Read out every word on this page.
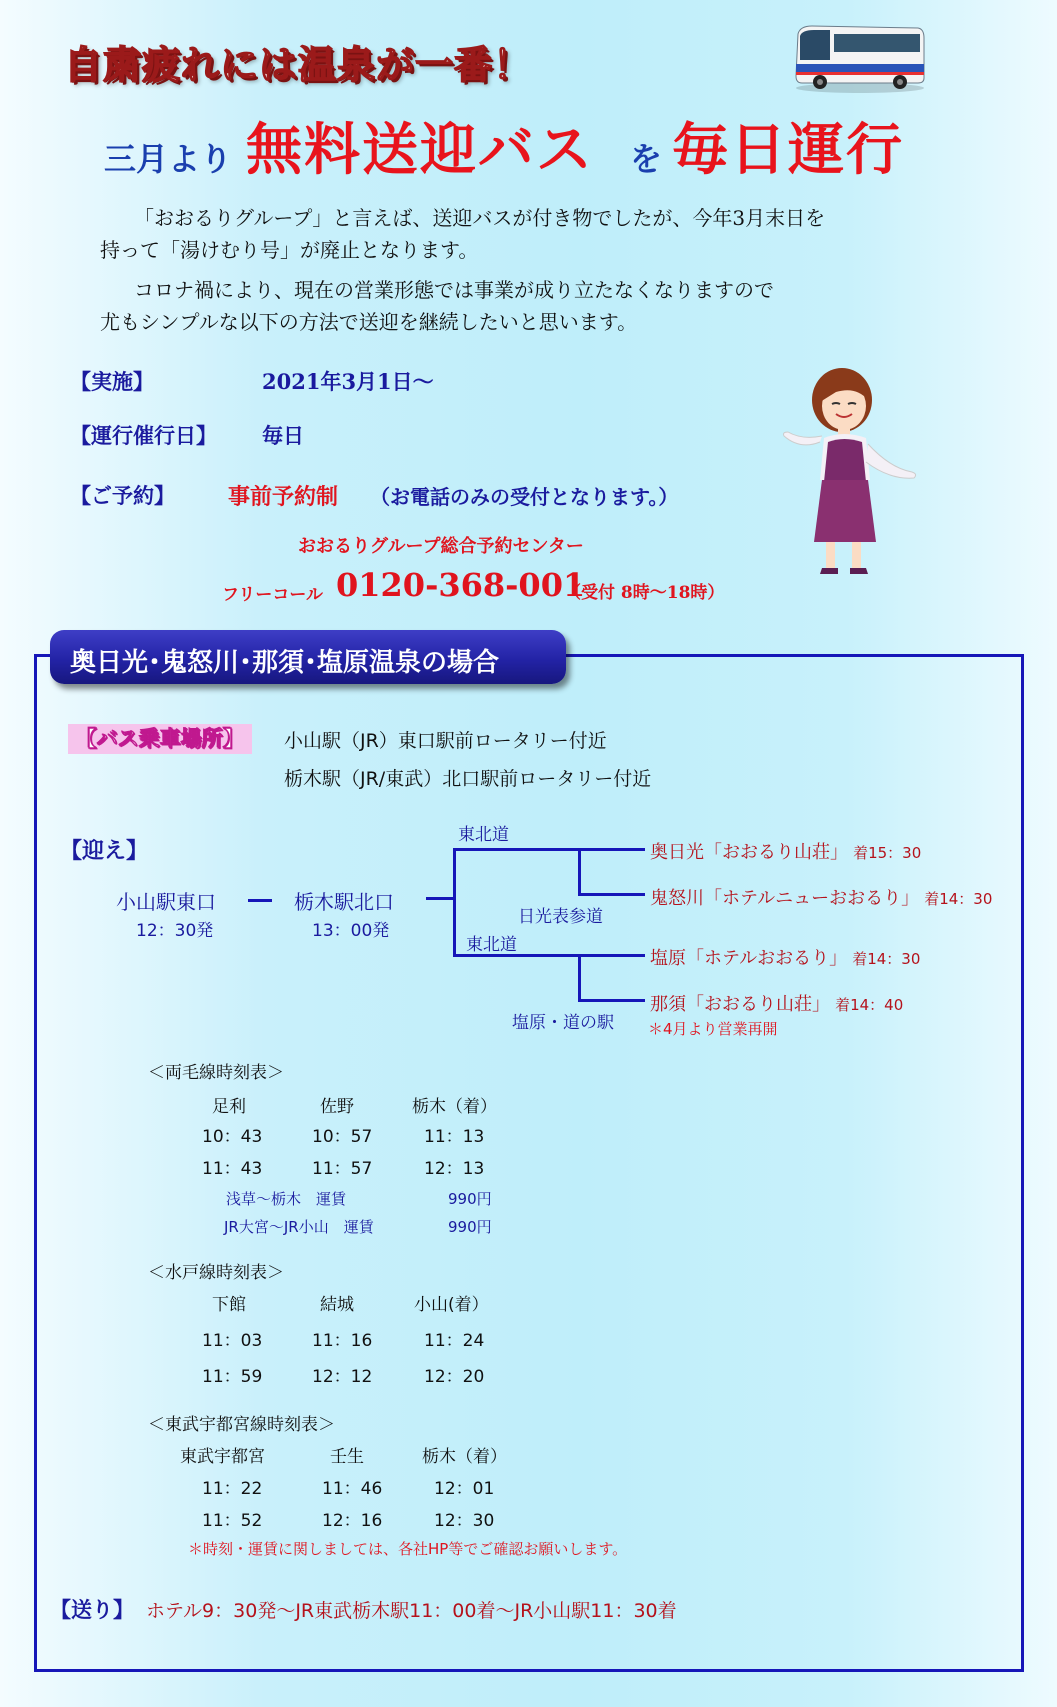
自粛疲れには温泉が一番！
三月より 無料送迎バス を 毎日運行
「おおるりグループ」と言えば、送迎バスが付き物でしたが、今年3月末日を
持って「湯けむり号」が廃止となります。
コロナ禍により、現在の営業形態では事業が成り立たなくなりますので
尤もシンプルな以下の方法で送迎を継続したいと思います。
【実施】	2021年3月1日～
【運行催行日】 毎日
【ご予約】 事前予約制 （お電話のみの受付となります。）
おおるりグループ総合予約センター
フリーコール 0120-368-001
（受付 8時～18時）
奥日光･鬼怒川･那須･塩原温泉の場合
【バス乗車場所】	小山駅（JR）東口駅前ロータリー付近
栃木駅（JR/東武）北口駅前ロータリー付近
【迎え】
小山駅東口
12：30発
栃木駅北口
13：00発
東北道
日光表参道
東北道
塩原・道の駅
奥日光「おおるり山荘」 着15：30
鬼怒川「ホテルニューおおるり」 着14：30
塩原「ホテルおおるり」 着14：30
那須「おおるり山荘」 着14：40
＊4月より営業再開
＜両毛線時刻表＞
足利	佐野	栃木（着）
10：43	10：57	11：13
11：43	11：57	12：13
浅草～栃木　運賃	990円
JR大宮～JR小山　運賃	990円
＜水戸線時刻表＞
下館	結城	小山(着）
11：03	11：16	11：24
11：59	12：12	12：20
＜東武宇都宮線時刻表＞
東武宇都宮	壬生	栃木（着）
11：22	11：46	12：01
11：52	12：16	12：30
＊時刻・運賃に関しましては、各社HP等でご確認お願いします。
【送り】 ホテル9：30発～JR東武栃木駅11：00着～JR小山駅11：30着
